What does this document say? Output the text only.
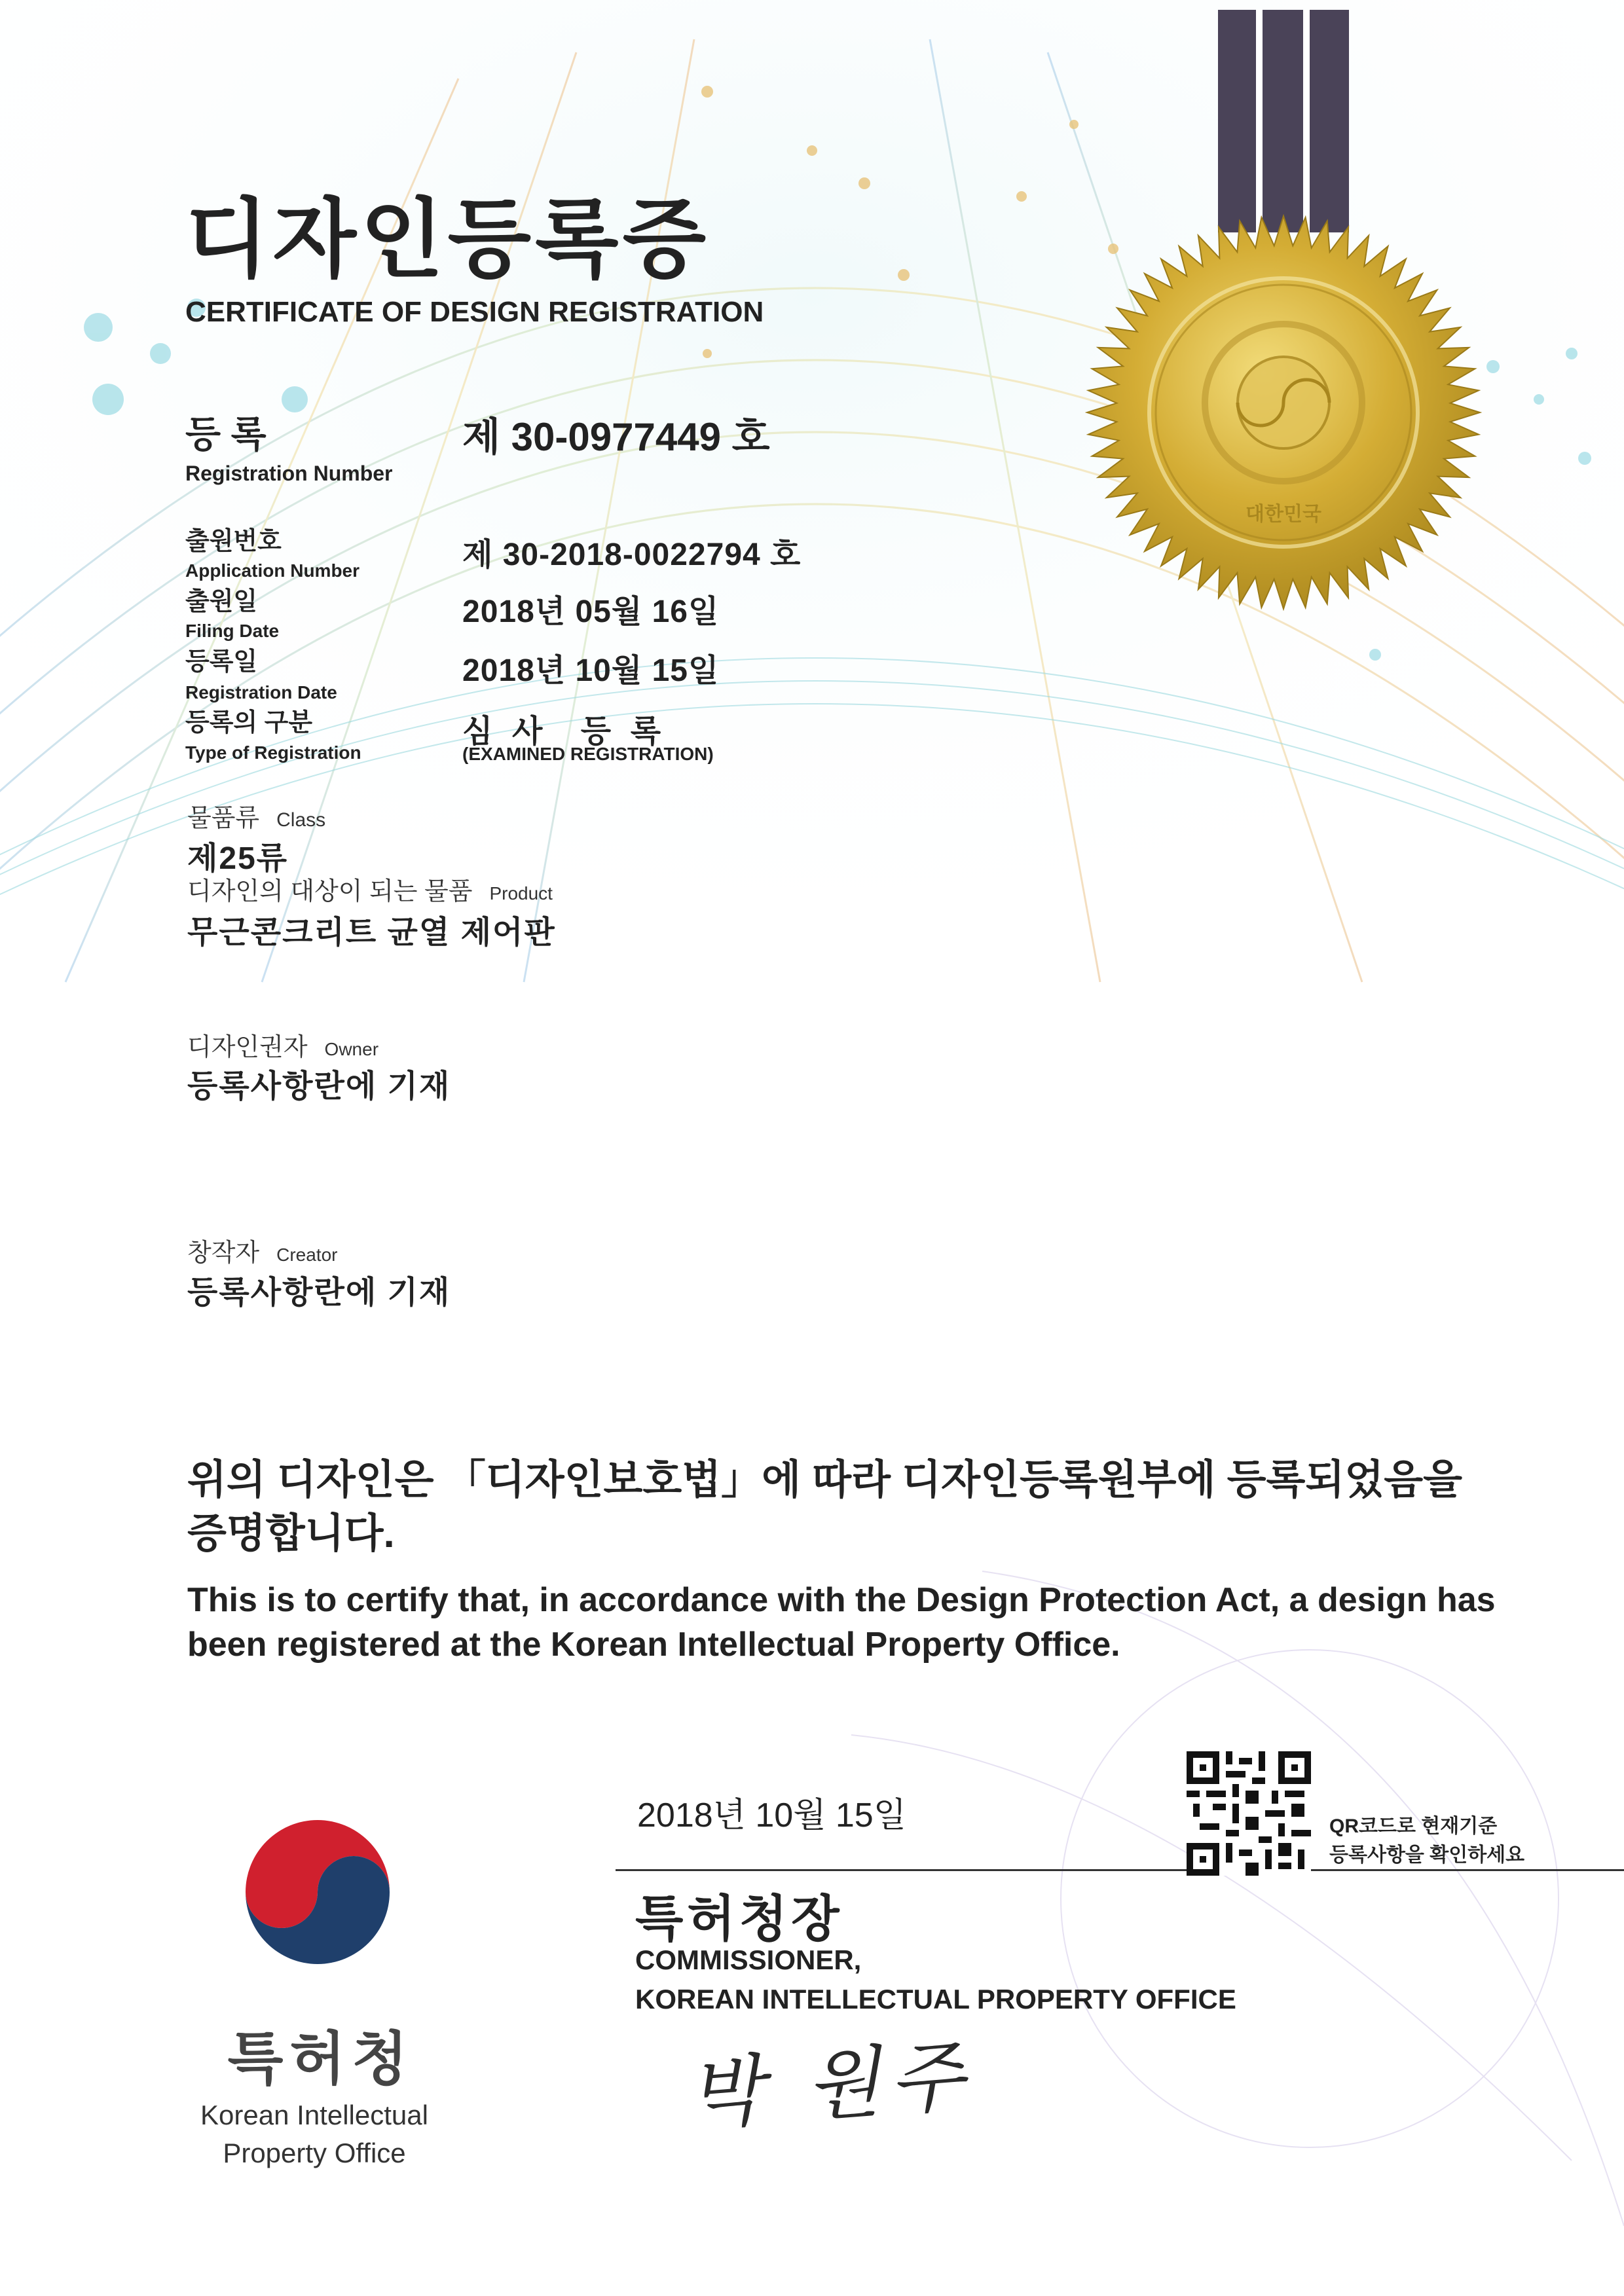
디자인등록증
CERTIFICATE OF DESIGN REGISTRATION
등 록
Registration Number
제 30-0977449 호
출원번호
Application Number	제 30-2018-0022794 호
출원일
Filing Date
2018년 05월 16일
등록일
Registration Date
2018년 10월 15일
등록의 구분
Type of Registration
심  사    등  록
(EXAMINED REGISTRATION)
물품류 Class
제25류
디자인의 대상이 되는 물품 Product
무근콘크리트 균열 제어판
디자인권자 Owner
등록사항란에 기재
창작자 Creator
등록사항란에 기재
위의 디자인은 「디자인보호법」에 따라 디자인등록원부에 등록되었음을 증명합니다.
This is to certify that, in accordance with the Design Protection Act, a design has been registered at the Korean Intellectual Property Office.
2018년 10월 15일	QR코드로 현재기준
등록사항을 확인하세요
특허청장
COMMISSIONER,
KOREAN INTELLECTUAL PROPERTY OFFICE
박 원주
특허청
Korean Intellectual
Property Office
대한민국
